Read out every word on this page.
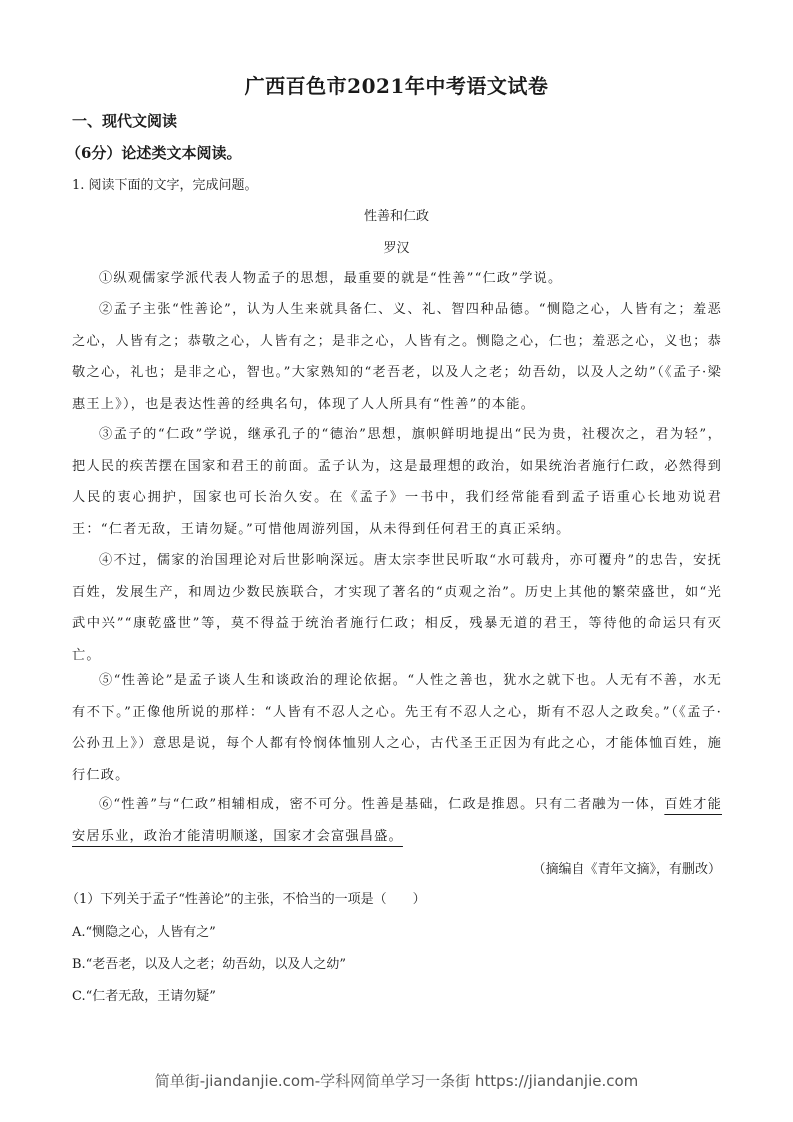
广西百色市2021年中考语文试卷
一、现代文阅读
（6分）论述类文本阅读。
1. 阅读下面的文字，完成问题。
性善和仁政
罗汉
①纵观儒家学派代表人物孟子的思想，最重要的就是“性善”“仁政”学说。
②孟子主张“性善论”，认为人生来就具备仁、义、礼、智四种品德。“恻隐之心，人皆有之；羞恶之心，人皆有之；恭敬之心，人皆有之；是非之心，人皆有之。恻隐之心，仁也；羞恶之心，义也；恭敬之心，礼也；是非之心，智也。”大家熟知的“老吾老，以及人之老；幼吾幼，以及人之幼”（《孟子·梁惠王上》），也是表达性善的经典名句，体现了人人所具有“性善”的本能。
③孟子的“仁政”学说，继承孔子的“德治”思想，旗帜鲜明地提出“民为贵，社稷次之，君为轻”，把人民的疾苦摆在国家和君王的前面。孟子认为，这是最理想的政治，如果统治者施行仁政，必然得到人民的衷心拥护，国家也可长治久安。在《孟子》一书中，我们经常能看到孟子语重心长地劝说君王：“仁者无敌，王请勿疑。”可惜他周游列国，从未得到任何君王的真正采纳。
④不过，儒家的治国理论对后世影响深远。唐太宗李世民听取“水可载舟，亦可覆舟”的忠告，安抚百姓，发展生产，和周边少数民族联合，才实现了著名的“贞观之治”。历史上其他的繁荣盛世，如“光武中兴”“康乾盛世”等，莫不得益于统治者施行仁政；相反，残暴无道的君王，等待他的命运只有灭亡。
⑤“性善论”是孟子谈人生和谈政治的理论依据。“人性之善也，犹水之就下也。人无有不善，水无有不下。”正像他所说的那样：“人皆有不忍人之心。先王有不忍人之心，斯有不忍人之政矣。”（《孟子·公孙丑上》）意思是说，每个人都有怜悯体恤别人之心，古代圣王正因为有此之心，才能体恤百姓，施行仁政。
⑥“性善”与“仁政”相辅相成，密不可分。性善是基础，仁政是推恩。只有二者融为一体，百姓才能安居乐业，政治才能清明顺遂，国家才会富强昌盛。
（摘编自《青年文摘》，有删改）
（1）下列关于孟子“性善论”的主张，不恰当的一项是（　　）
A.“恻隐之心，人皆有之”
B.“老吾老，以及人之老；幼吾幼，以及人之幼”
C.“仁者无敌，王请勿疑”
简单街-jiandanjie.com-学科网简单学习一条街 https://jiandanjie.com
